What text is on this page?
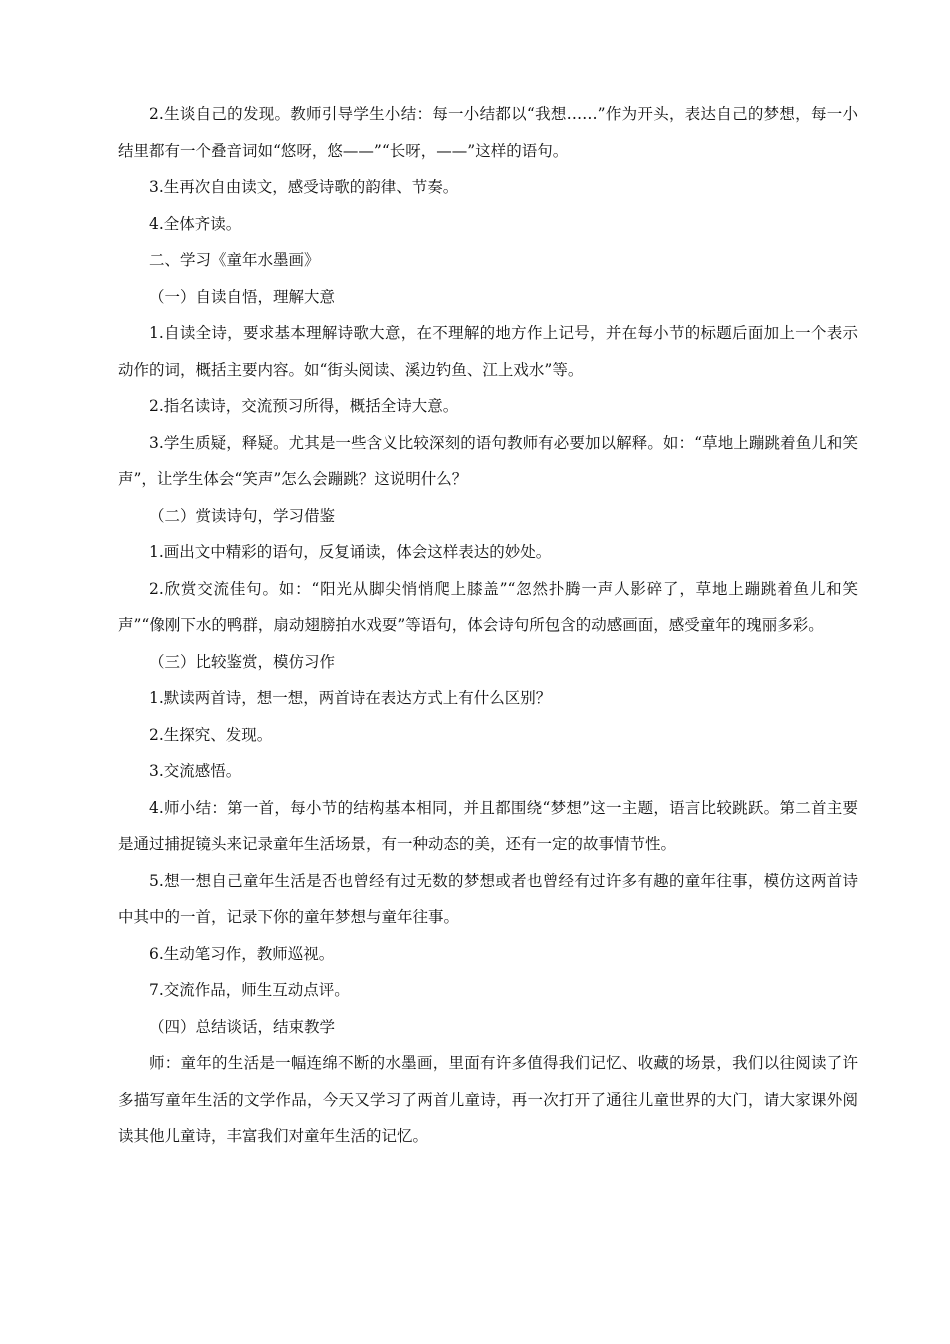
2.生谈自己的发现。教师引导学生小结：每一小结都以“我想……”作为开头，表达自己的梦想，每一小结里都有一个叠音词如“悠呀，悠——”“长呀，——”这样的语句。

3.生再次自由读文，感受诗歌的韵律、节奏。

4.全体齐读。

二、学习《童年水墨画》

（一）自读自悟，理解大意

1.自读全诗，要求基本理解诗歌大意，在不理解的地方作上记号，并在每小节的标题后面加上一个表示动作的词，概括主要内容。如“街头阅读、溪边钓鱼、江上戏水”等。

2.指名读诗，交流预习所得，概括全诗大意。

3.学生质疑，释疑。尤其是一些含义比较深刻的语句教师有必要加以解释。如：“草地上蹦跳着鱼儿和笑声”，让学生体会“笑声”怎么会蹦跳？这说明什么？

（二）赏读诗句，学习借鉴

1.画出文中精彩的语句，反复诵读，体会这样表达的妙处。

2.欣赏交流佳句。如：“阳光从脚尖悄悄爬上膝盖”“忽然扑腾一声人影碎了，草地上蹦跳着鱼儿和笑声”“像刚下水的鸭群，扇动翅膀拍水戏耍”等语句，体会诗句所包含的动感画面，感受童年的瑰丽多彩。

（三）比较鉴赏，模仿习作

1.默读两首诗，想一想，两首诗在表达方式上有什么区别？

2.生探究、发现。

3.交流感悟。

4.师小结：第一首，每小节的结构基本相同，并且都围绕“梦想”这一主题，语言比较跳跃。第二首主要是通过捕捉镜头来记录童年生活场景，有一种动态的美，还有一定的故事情节性。

5.想一想自己童年生活是否也曾经有过无数的梦想或者也曾经有过许多有趣的童年往事，模仿这两首诗中其中的一首，记录下你的童年梦想与童年往事。

6.生动笔习作，教师巡视。

7.交流作品，师生互动点评。

（四）总结谈话，结束教学

师：童年的生活是一幅连绵不断的水墨画，里面有许多值得我们记忆、收藏的场景，我们以往阅读了许多描写童年生活的文学作品，今天又学习了两首儿童诗，再一次打开了通往儿童世界的大门，请大家课外阅读其他儿童诗，丰富我们对童年生活的记忆。
